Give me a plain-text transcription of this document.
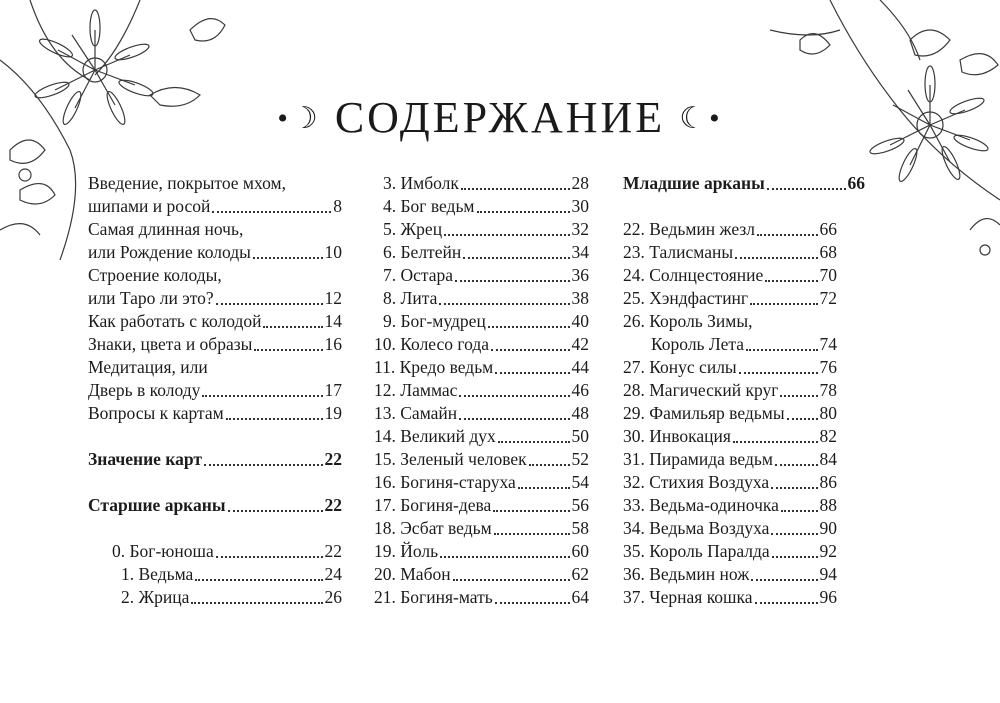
•☽ СОДЕРЖАНИЕ ☾•
Введение, покрытое мхом,
шипами и росой	8
Самая длинная ночь,
или Рождение колоды	10
Строение колоды,
или Таро ли это?	12
Как работать с колодой	14
Знаки, цвета и образы	16
Медитация, или
Дверь в колоду	17
Вопросы к картам	19
Значение карт	22
Старшие арканы	22
0. Бог-юноша	22
1. Ведьма	24
2. Жрица	26
3. Имболк	28
4. Бог ведьм	30
5. Жрец	32
6. Белтейн	34
7. Остара	36
8. Лита	38
9. Бог-мудрец	40
10. Колесо года	42
11. Кредо ведьм	44
12. Ламмас	46
13. Самайн	48
14. Великий дух	50
15. Зеленый человек	52
16. Богиня-старуха	54
17. Богиня-дева	56
18. Эсбат ведьм	58
19. Йоль	60
20. Мабон	62
21. Богиня-мать	64
Младшие арканы	66
22. Ведьмин жезл	66
23. Талисманы	68
24. Солнцестояние	70
25. Хэндфастинг	72
26. Король Зимы,
Король Лета	74
27. Конус силы	76
28. Магический круг 78
29. Фамильяр ведьмы 80
30. Инвокация	82
31. Пирамида ведьм	84
32. Стихия Воздуха	86
33. Ведьма-одиночка 88
34. Ведьма Воздуха	90
35. Король Паралда	92
36. Ведьмин нож	94
37. Черная кошка	96
